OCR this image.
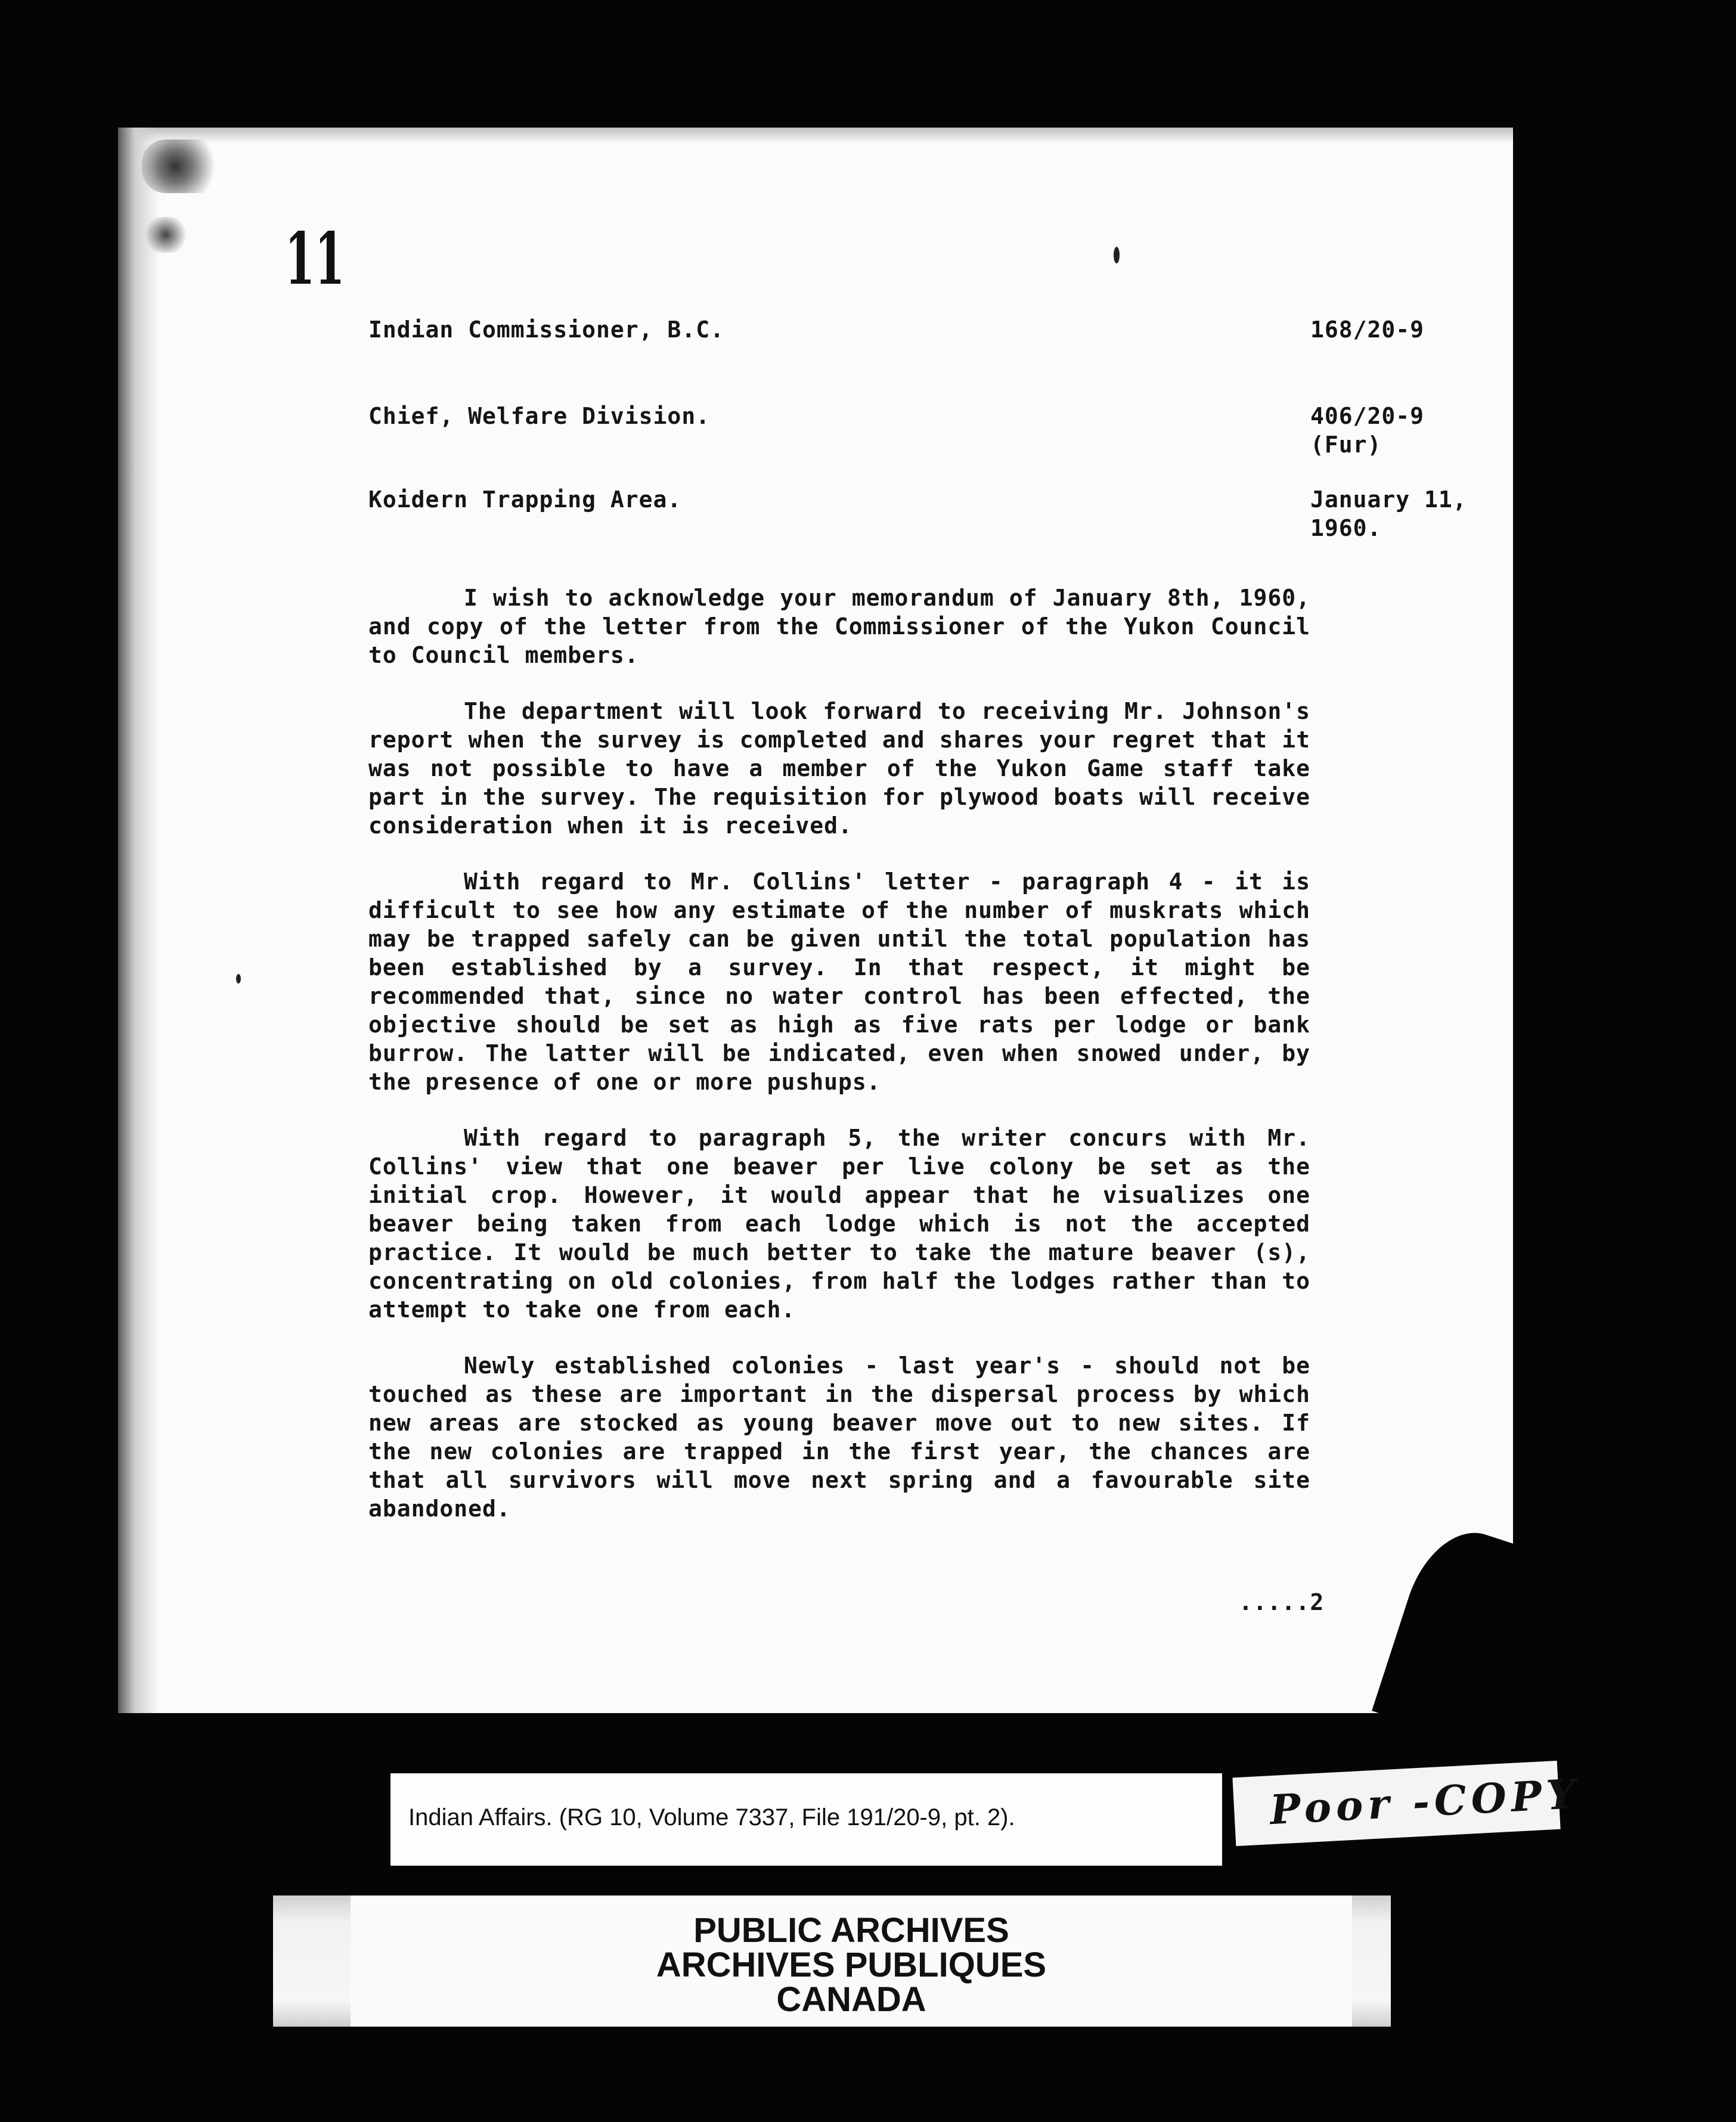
11
Indian Commissioner, B.C.	168/20-9
Chief, Welfare Division.	406/20-9
(Fur)
Koidern Trapping Area.	January 11,
1960.

I wish to acknowledge your memorandum of January 8th, 1960, and copy of the letter from the Commissioner of the Yukon Council to Council members.

The department will look forward to receiving Mr. Johnson's report when the survey is completed and shares your regret that it was not possible to have a member of the Yukon Game staff take part in the survey. The requisition for plywood boats will receive consideration when it is received.

With regard to Mr. Collins' letter - paragraph 4 - it is difficult to see how any estimate of the number of muskrats which may be trapped safely can be given until the total population has been established by a survey. In that respect, it might be recommended that, since no water control has been effected, the objective should be set as high as five rats per lodge or bank burrow. The latter will be indicated, even when snowed under, by the presence of one or more pushups.

With regard to paragraph 5, the writer concurs with Mr. Collins' view that one beaver per live colony be set as the initial crop. However, it would appear that he visualizes one beaver being taken from each lodge which is not the accepted practice. It would be much better to take the mature beaver (s), concentrating on old colonies, from half the lodges rather than to attempt to take one from each.

Newly established colonies - last year's - should not be touched as these are important in the dispersal process by which new areas are stocked as young beaver move out to new sites. If the new colonies are trapped in the first year, the chances are that all survivors will move next spring and a favourable site abandoned.

.....2
Indian Affairs. (RG 10, Volume 7337, File 191/20-9, pt. 2).	Poor -COPY
PUBLIC ARCHIVES
ARCHIVES PUBLIQUES
CANADA
